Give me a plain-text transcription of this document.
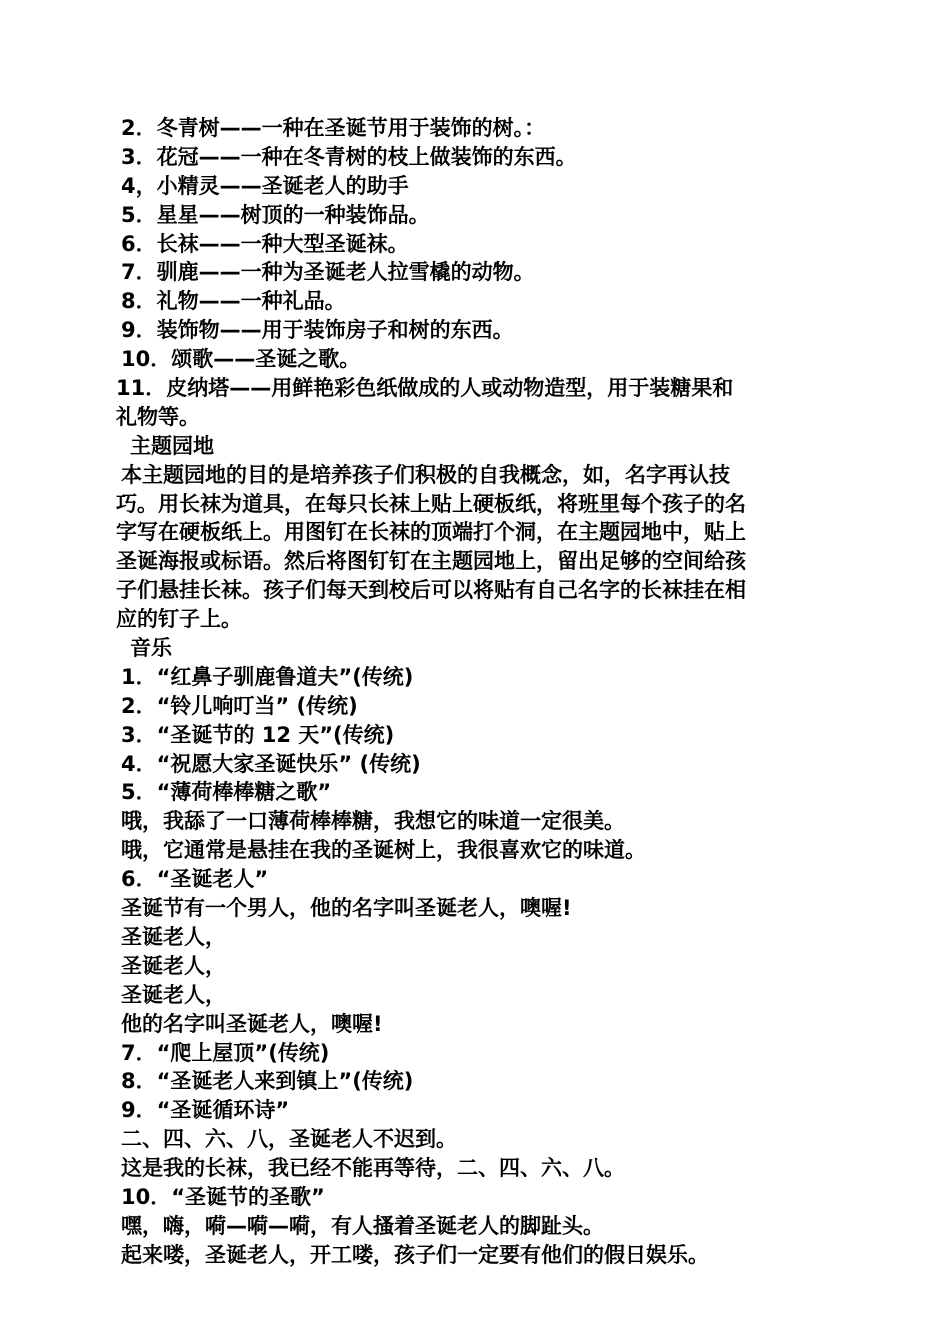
2．冬青树——一种在圣诞节用于装饰的树。：
3．花冠——一种在冬青树的枝上做装饰的东西。
4，小精灵——圣诞老人的助手
5．星星——树顶的一种装饰品。
6．长袜——一种大型圣诞袜。
7．驯鹿——一种为圣诞老人拉雪橇的动物。
8．礼物——一种礼品。
9．装饰物——用于装饰房子和树的东西。
10．颂歌——圣诞之歌。
11．皮纳塔——用鲜艳彩色纸做成的人或动物造型，用于装糖果和
礼物等。
主题园地
本主题园地的目的是培养孩子们积极的自我概念，如，名字再认技
巧。用长袜为道具，在每只长袜上贴上硬板纸，将班里每个孩子的名
字写在硬板纸上。用图钉在长袜的顶端打个洞，在主题园地中，贴上
圣诞海报或标语。然后将图钉钉在主题园地上，留出足够的空间给孩
子们悬挂长袜。孩子们每天到校后可以将贴有自己名字的长袜挂在相
应的钉子上。
音乐
1．“红鼻子驯鹿鲁道夫”(传统)
2．“铃儿响叮当” (传统)
3．“圣诞节的 12 天”(传统)
4．“祝愿大家圣诞快乐” (传统)
5．“薄荷棒棒糖之歌”
哦，我舔了一口薄荷棒棒糖，我想它的味道一定很美。
哦，它通常是悬挂在我的圣诞树上，我很喜欢它的味道。
6．“圣诞老人”
圣诞节有一个男人，他的名字叫圣诞老人，噢喔!
圣诞老人，
圣诞老人，
圣诞老人，
他的名字叫圣诞老人，噢喔!
7．“爬上屋顶”(传统)
8．“圣诞老人来到镇上”(传统)
9．“圣诞循环诗”
二、四、六、八，圣诞老人不迟到。
这是我的长袜，我已经不能再等待，二、四、六、八。
10．“圣诞节的圣歌”
嘿，嗨，嗬—嗬—嗬，有人搔着圣诞老人的脚趾头。
起来喽，圣诞老人，开工喽，孩子们一定要有他们的假日娱乐。
